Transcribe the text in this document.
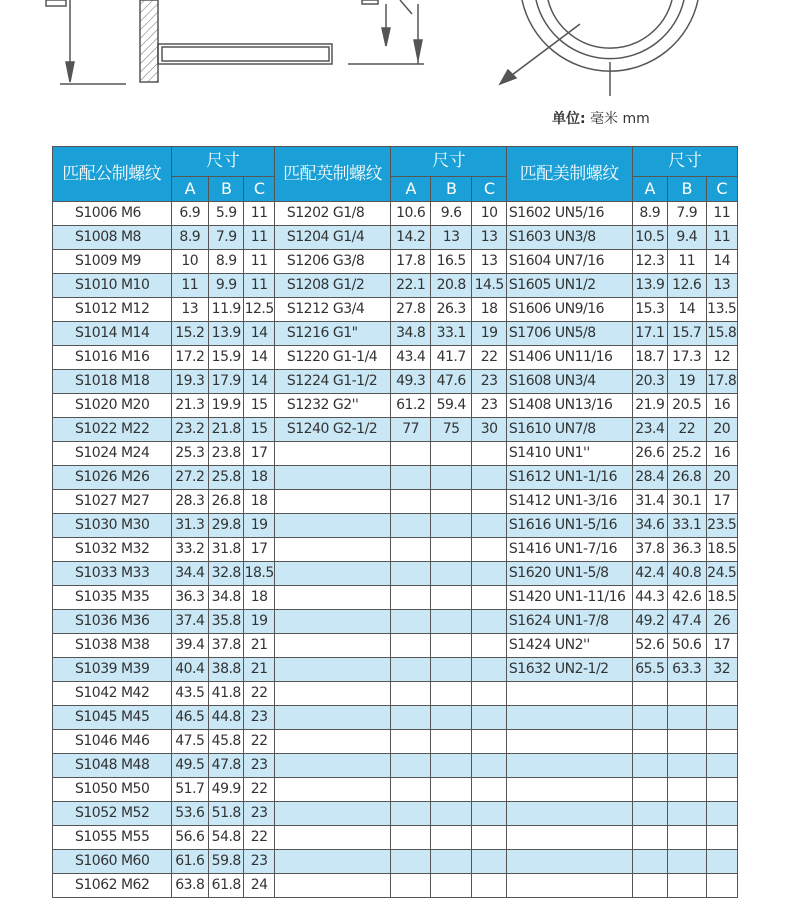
单位: 毫米 mm
匹配公制螺纹	尺寸			匹配英制螺纹	尺寸			匹配美制螺纹	尺寸		
	A	B	C		A	B	C		A	B	C
S1006 M6	6.9	5.9	11	S1202 G1/8	10.6	9.6	10	S1602 UN5/16	8.9	7.9	11
S1008 M8	8.9	7.9	11	S1204 G1/4	14.2	13	13	S1603 UN3/8	10.5	9.4	11
S1009 M9	10	8.9	11	S1206 G3/8	17.8	16.5	13	S1604 UN7/16	12.3	11	14
S1010 M10	11	9.9	11	S1208 G1/2	22.1	20.8	14.5	S1605 UN1/2	13.9	12.6	13
S1012 M12	13	11.9	12.5	S1212 G3/4	27.8	26.3	18	S1606 UN9/16	15.3	14	13.5
S1014 M14	15.2	13.9	14	S1216 G1"	34.8	33.1	19	S1706 UN5/8	17.1	15.7	15.8
S1016 M16	17.2	15.9	14	S1220 G1-1/4	43.4	41.7	22	S1406 UN11/16	18.7	17.3	12
S1018 M18	19.3	17.9	14	S1224 G1-1/2	49.3	47.6	23	S1608 UN3/4	20.3	19	17.8
S1020 M20	21.3	19.9	15	S1232 G2''	61.2	59.4	23	S1408 UN13/16	21.9	20.5	16
S1022 M22	23.2	21.8	15	S1240 G2-1/2	77	75	30	S1610 UN7/8	23.4	22	20
S1024 M24	25.3	23.8	17					S1410 UN1''	26.6	25.2	16
S1026 M26	27.2	25.8	18					S1612 UN1-1/16	28.4	26.8	20
S1027 M27	28.3	26.8	18					S1412 UN1-3/16	31.4	30.1	17
S1030 M30	31.3	29.8	19					S1616 UN1-5/16	34.6	33.1	23.5
S1032 M32	33.2	31.8	17					S1416 UN1-7/16	37.8	36.3	18.5
S1033 M33	34.4	32.8	18.5					S1620 UN1-5/8	42.4	40.8	24.5
S1035 M35	36.3	34.8	18					S1420 UN1-11/16	44.3	42.6	18.5
S1036 M36	37.4	35.8	19					S1624 UN1-7/8	49.2	47.4	26
S1038 M38	39.4	37.8	21					S1424 UN2''	52.6	50.6	17
S1039 M39	40.4	38.8	21					S1632 UN2-1/2	65.5	63.3	32
S1042 M42	43.5	41.8	22								
S1045 M45	46.5	44.8	23								
S1046 M46	47.5	45.8	22								
S1048 M48	49.5	47.8	23								
S1050 M50	51.7	49.9	22								
S1052 M52	53.6	51.8	23								
S1055 M55	56.6	54.8	22								
S1060 M60	61.6	59.8	23								
S1062 M62	63.8	61.8	24								
